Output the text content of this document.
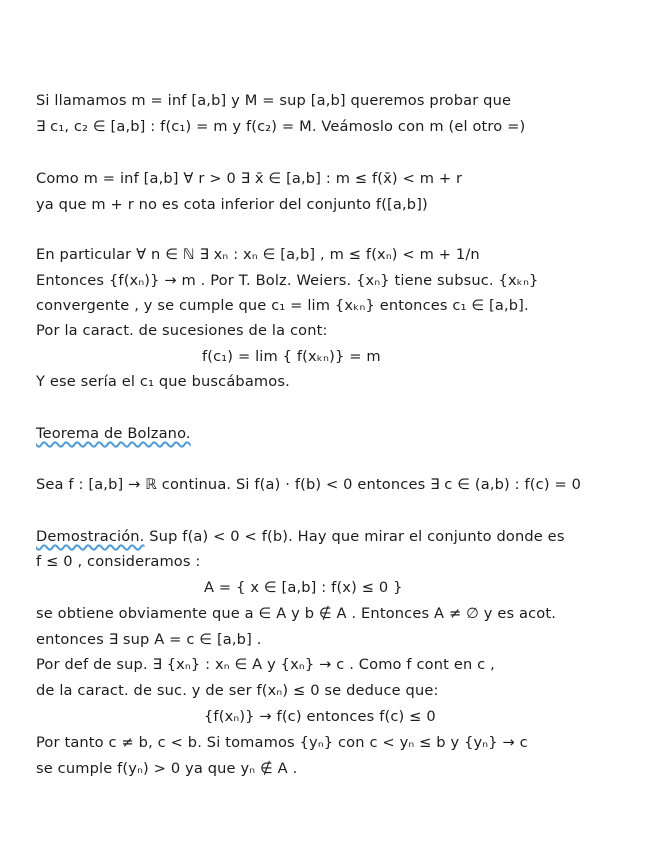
Si llamamos m = inf [a,b] y M = sup [a,b] queremos probar que
∃ c₁, c₂ ∈ [a,b] : f(c₁) = m y f(c₂) = M. Veámoslo con m (el otro =)
Como m = inf [a,b] ∀ r > 0 ∃ x̄ ∈ [a,b] : m ≤ f(x̄) < m + r
ya que m + r no es cota inferior del conjunto f([a,b])
En particular ∀ n ∈ ℕ ∃ xₙ : xₙ ∈ [a,b] , m ≤ f(xₙ) < m + 1/n
Entonces {f(xₙ)} → m . Por T. Bolz. Weiers. {xₙ} tiene subsuc. {xₖₙ}
convergente , y se cumple que c₁ = lim {xₖₙ} entonces c₁ ∈ [a,b].
Por la caract. de sucesiones de la cont:
f(c₁) = lim { f(xₖₙ)} = m
Y ese sería el c₁ que buscábamos.
Teorema de Bolzano.
Sea f : [a,b] → ℝ continua. Si f(a) · f(b) < 0 entonces ∃ c ∈ (a,b) : f(c) = 0
Demostración. Sup f(a) < 0 < f(b). Hay que mirar el conjunto donde es
f ≤ 0 , consideramos :
A = { x ∈ [a,b] : f(x) ≤ 0 }
se obtiene obviamente que a ∈ A y b ∉ A . Entonces A ≠ ∅ y es acot.
entonces ∃ sup A = c ∈ [a,b] .
Por def de sup. ∃ {xₙ} : xₙ ∈ A y {xₙ} → c . Como f cont en c ,
de la caract. de suc. y de ser f(xₙ) ≤ 0 se deduce que:
{f(xₙ)} → f(c) entonces f(c) ≤ 0
Por tanto c ≠ b, c < b. Si tomamos {yₙ} con c < yₙ ≤ b y {yₙ} → c
se cumple f(yₙ) > 0 ya que yₙ ∉ A .
